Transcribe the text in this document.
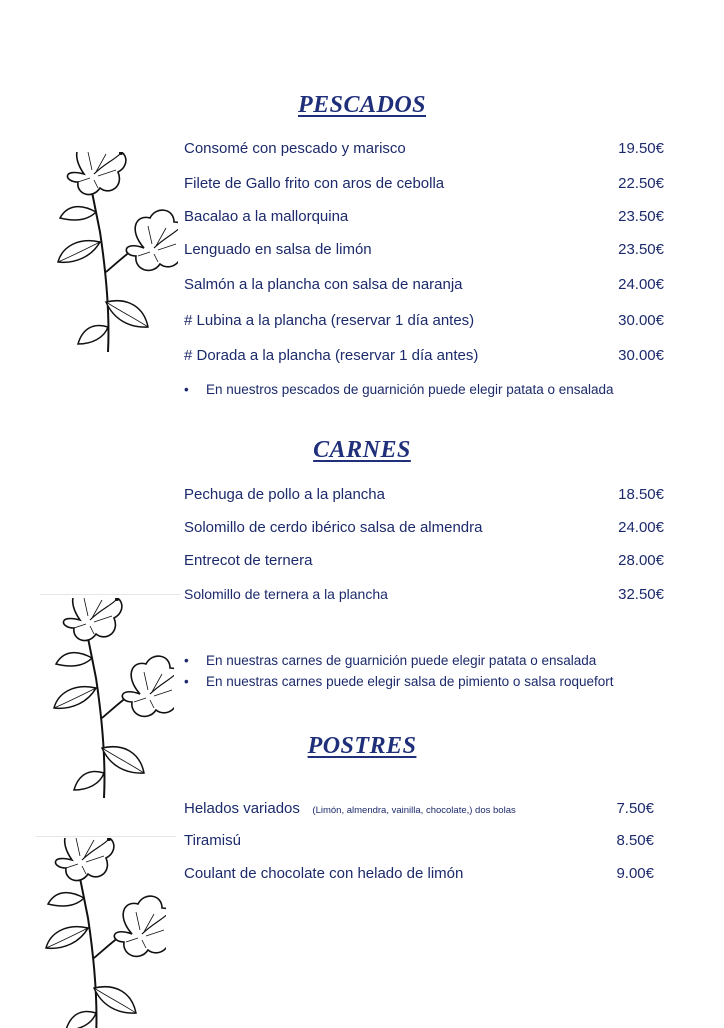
PESCADOS
Consomé con pescado y marisco	19.50€
Filete de Gallo frito con aros de cebolla	22.50€
Bacalao a la mallorquina	23.50€
Lenguado en salsa de limón	23.50€
Salmón a la plancha con salsa de naranja	24.00€
# Lubina a la plancha (reservar 1 día antes)	30.00€
# Dorada a la plancha (reservar 1 día antes)	30.00€
• En nuestros pescados de guarnición puede elegir patata o ensalada
CARNES
Pechuga de pollo a la plancha	18.50€
Solomillo de cerdo ibérico salsa de almendra	24.00€
Entrecot de ternera	28.00€
Solomillo de ternera a la plancha	32.50€
• En nuestras carnes de guarnición puede elegir patata o ensalada
• En nuestras carnes puede elegir salsa de pimiento o salsa roquefort
POSTRES
Helados variados (Limón, almendra, vainilla, chocolate,) dos bolas	7.50€
Tiramisú	8.50€
Coulant de chocolate con helado de limón	9.00€
